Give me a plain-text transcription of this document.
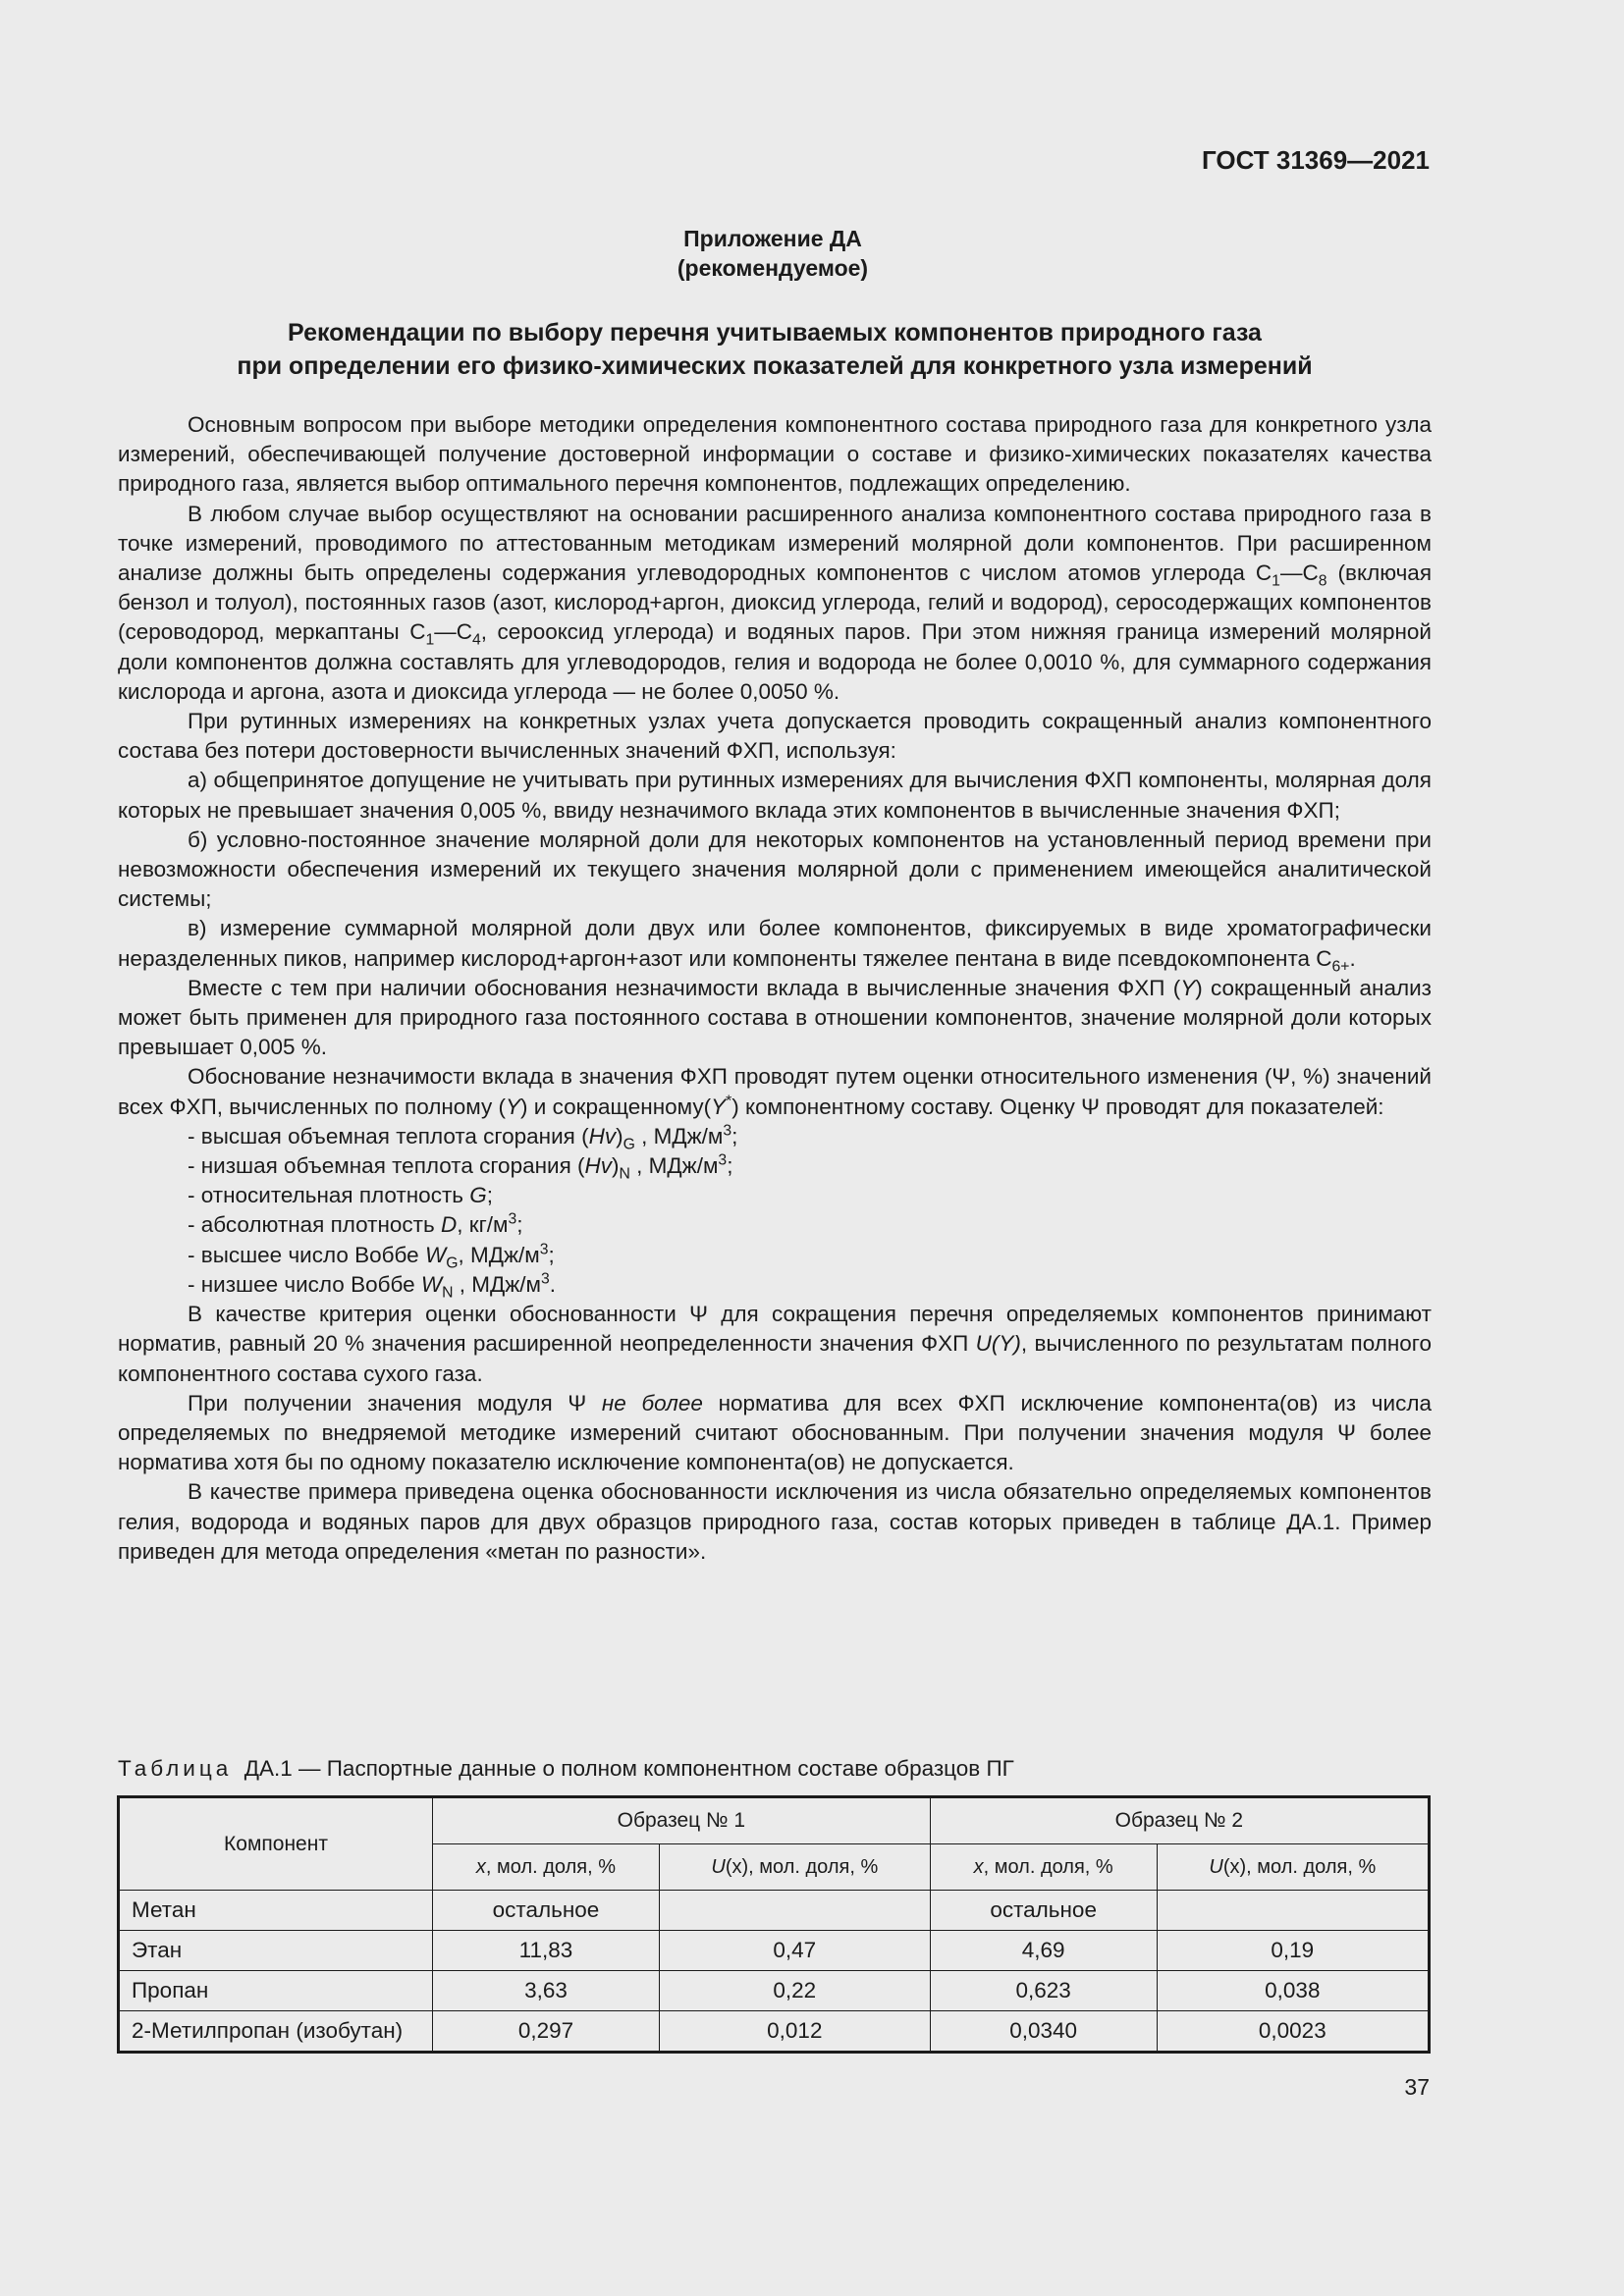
ГОСТ 31369—2021
Приложение ДА
(рекомендуемое)
Рекомендации по выбору перечня учитываемых компонентов природного газа
при определении его физико-химических показателей для конкретного узла измерений

Основным вопросом при выборе методики определения компонентного состава природного газа для конкретного узла измерений, обеспечивающей получение достоверной информации о составе и физико-химических показателях качества природного газа, является выбор оптимального перечня компонентов, подлежащих определению.

В любом случае выбор осуществляют на основании расширенного анализа компонентного состава природного газа в точке измерений, проводимого по аттестованным методикам измерений молярной доли компонентов. При расширенном анализе должны быть определены содержания углеводородных компонентов с числом атомов углерода $С_1—С_8$ (включая бензол и толуол), постоянных газов (азот, кислород+аргон, диоксид углерода, гелий и водород), серосодержащих компонентов (сероводород, меркаптаны $С_1—С_4$, сероокcид углерода) и водяных паров. При этом нижняя граница измерений молярной доли компонентов должна составлять для углеводородов, гелия и водорода не более 0,0010 %, для суммарного содержания кислорода и аргона, азота и диоксида углерода — не более 0,0050 %.

При рутинных измерениях на конкретных узлах учета допускается проводить сокращенный анализ компонентного состава без потери достоверности вычисленных значений ФХП, используя:

а) общепринятое допущение не учитывать при рутинных измерениях для вычисления ФХП компоненты, молярная доля которых не превышает значения 0,005 %, ввиду незначимого вклада этих компонентов в вычисленные значения ФХП;

б) условно-постоянное значение молярной доли для некоторых компонентов на установленный период времени при невозможности обеспечения измерений их текущего значения молярной доли с применением имеющейся аналитической системы;

в) измерение суммарной молярной доли двух или более компонентов, фиксируемых в виде хроматографически неразделенных пиков, например кислород+аргон+азот или компоненты тяжелее пентана в виде псевдокомпонента $С_{6+}$.

Вместе с тем при наличии обоснования незначимости вклада в вычисленные значения ФХП (Y) сокращенный анализ может быть применен для природного газа постоянного состава в отношении компонентов, значение молярной доли которых превышает 0,005 %.

Обоснование незначимости вклада в значения ФХП проводят путем оценки относительного изменения (Ψ, %) значений всех ФХП, вычисленных по полному (Y) и сокращенному(Y*) компонентному составу. Оценку Ψ проводят для показателей:

- высшая объемная теплота сгорания $(Hv)_G$ , МДж/$м^3$;

- низшая объемная теплота сгорания $(Hv)_N$ , МДж/$м^3$;

- относительная плотность G;

- абсолютная плотность D, $кг/м^3$;

- высшее число Воббе $W_G$, МДж/$м^3$;

- низшее число Воббе $W_N$ , МДж/$м^3$.

В качестве критерия оценки обоснованности Ψ для сокращения перечня определяемых компонентов принимают норматив, равный 20 % значения расширенной неопределенности значения ФХП U(Y), вычисленного по результатам полного компонентного состава сухого газа.

При получении значения модуля Ψ не более норматива для всех ФХП исключение компонента(ов) из числа определяемых по внедряемой методике измерений считают обоснованным. При получении значения модуля Ψ более норматива хотя бы по одному показателю исключение компонента(ов) не допускается.

В качестве примера приведена оценка обоснованности исключения из числа обязательно определяемых компонентов гелия, водорода и водяных паров для двух образцов природного газа, состав которых приведен в таблице ДА.1. Пример приведен для метода определения «метан по разности».

Таблица ДА.1 — Паспортные данные о полном компонентном составе образцов ПГ
Компонент	Образец № 1		Образец № 2	
	x, мол. доля, %	U(x), мол. доля, %	x, мол. доля, %	U(x), мол. доля, %
Метан	остальное		остальное	
Этан	11,83	0,47	4,69	0,19
Пропан	3,63	0,22	0,623	0,038
2-Метилпропан (изобутан)	0,297	0,012	0,0340	0,0023
37
